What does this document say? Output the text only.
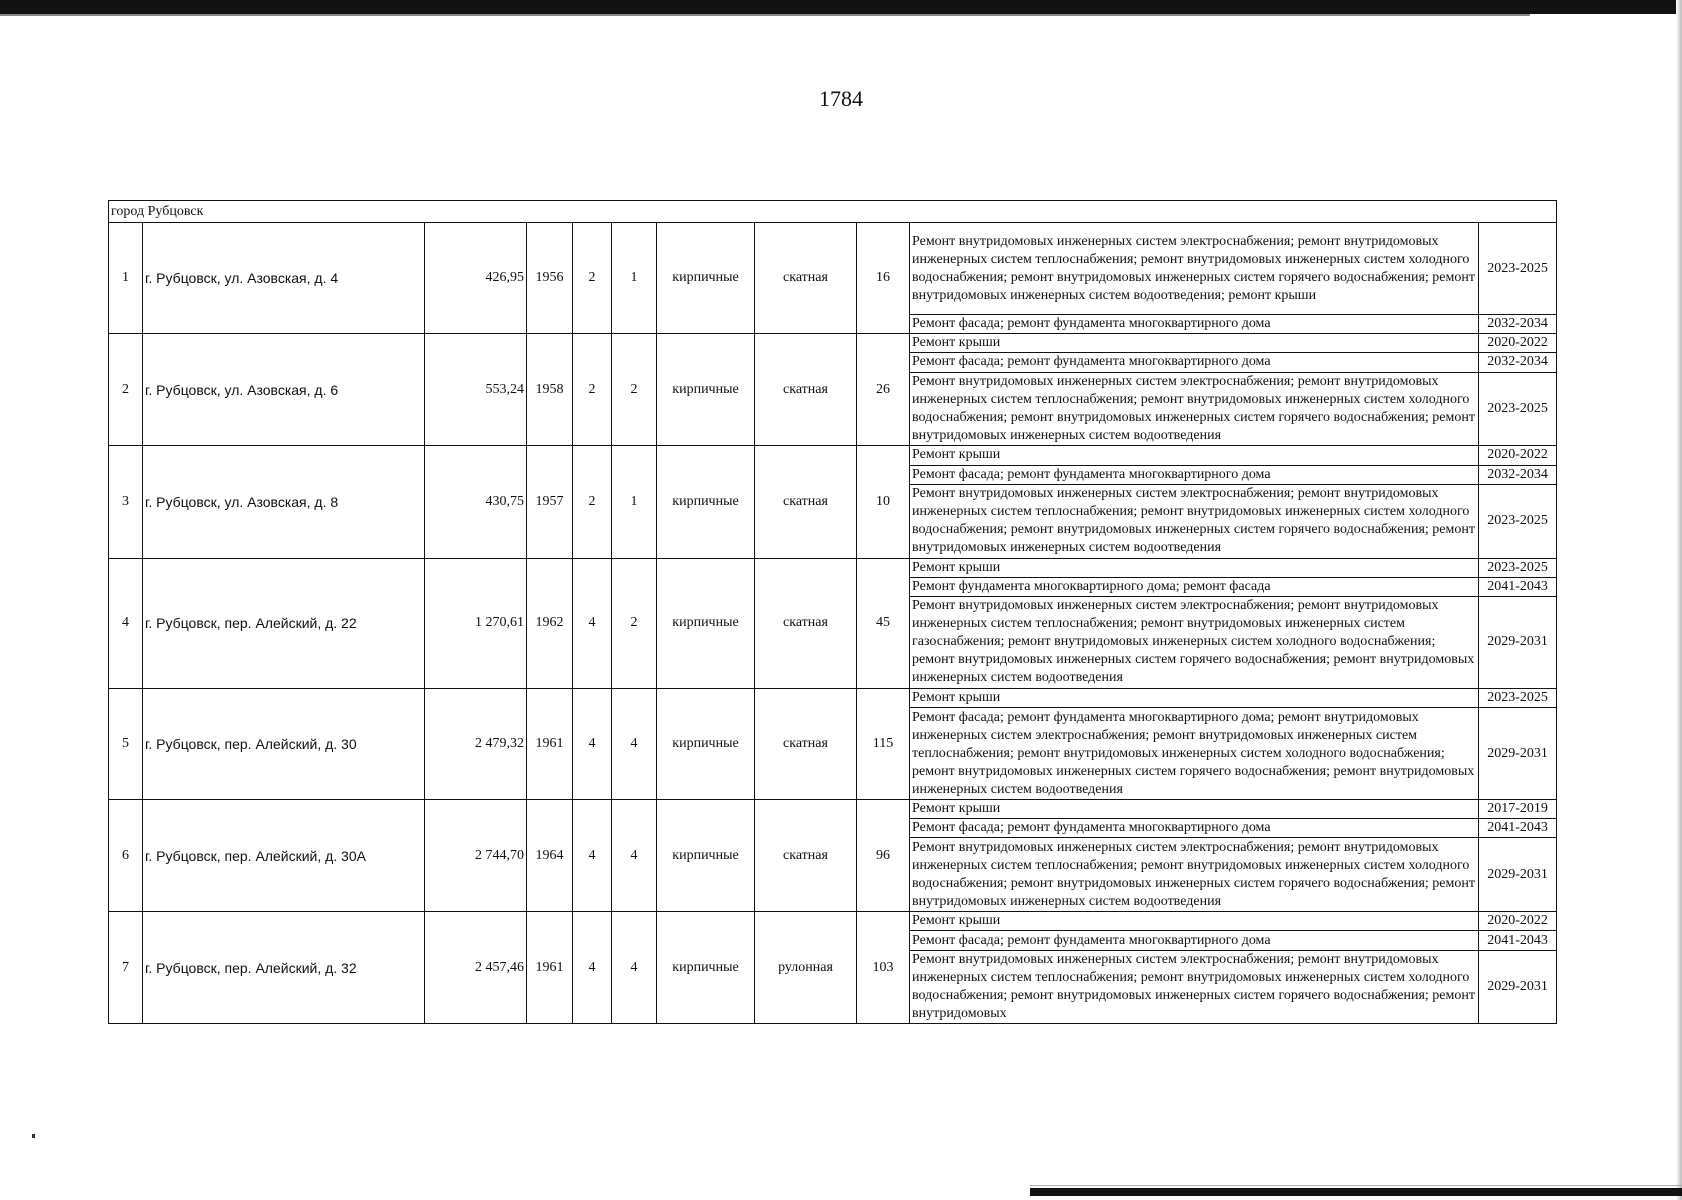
1784
город Рубцовск										
1	г. Рубцовск, ул. Азовская, д. 4	426,95	1956	2	1	кирпичные	скатная	16	Ремонт внутридомовых инженерных систем электроснабжения; ремонт внутридомовых инженерных систем теплоснабжения; ремонт внутридомовых инженерных систем холодного водоснабжения; ремонт внутридомовых инженерных систем горячего водоснабжения; ремонт внутридомовых инженерных систем водоотведения; ремонт крыши	2023-2025
									Ремонт фасада; ремонт фундамента многоквартирного дома	2032-2034
2	г. Рубцовск, ул. Азовская, д. 6	553,24	1958	2	2	кирпичные	скатная	26	Ремонт крыши	2020-2022
									Ремонт фасада; ремонт фундамента многоквартирного дома	2032-2034
									Ремонт внутридомовых инженерных систем электроснабжения; ремонт внутридомовых инженерных систем теплоснабжения; ремонт внутридомовых инженерных систем холодного водоснабжения; ремонт внутридомовых инженерных систем горячего водоснабжения; ремонт внутридомовых инженерных систем водоотведения	2023-2025
3	г. Рубцовск, ул. Азовская, д. 8	430,75	1957	2	1	кирпичные	скатная	10	Ремонт крыши	2020-2022
									Ремонт фасада; ремонт фундамента многоквартирного дома	2032-2034
									Ремонт внутридомовых инженерных систем электроснабжения; ремонт внутридомовых инженерных систем теплоснабжения; ремонт внутридомовых инженерных систем холодного водоснабжения; ремонт внутридомовых инженерных систем горячего водоснабжения; ремонт внутридомовых инженерных систем водоотведения	2023-2025
4	г. Рубцовск, пер. Алейский, д. 22	1 270,61	1962	4	2	кирпичные	скатная	45	Ремонт крыши	2023-2025
									Ремонт фундамента многоквартирного дома; ремонт фасада	2041-2043
									Ремонт внутридомовых инженерных систем электроснабжения; ремонт внутридомовых инженерных систем теплоснабжения; ремонт внутридомовых инженерных систем газоснабжения; ремонт внутридомовых инженерных систем холодного водоснабжения; ремонт внутридомовых инженерных систем горячего водоснабжения; ремонт внутридомовых инженерных систем водоотведения	2029-2031
5	г. Рубцовск, пер. Алейский, д. 30	2 479,32	1961	4	4	кирпичные	скатная	115	Ремонт крыши	2023-2025
									Ремонт фасада; ремонт фундамента многоквартирного дома; ремонт внутридомовых инженерных систем электроснабжения; ремонт внутридомовых инженерных систем теплоснабжения; ремонт внутридомовых инженерных систем холодного водоснабжения; ремонт внутридомовых инженерных систем горячего водоснабжения; ремонт внутридомовых инженерных систем водоотведения	2029-2031
6	г. Рубцовск, пер. Алейский, д. 30А	2 744,70	1964	4	4	кирпичные	скатная	96	Ремонт крыши	2017-2019
									Ремонт фасада; ремонт фундамента многоквартирного дома	2041-2043
									Ремонт внутридомовых инженерных систем электроснабжения; ремонт внутридомовых инженерных систем теплоснабжения; ремонт внутридомовых инженерных систем холодного водоснабжения; ремонт внутридомовых инженерных систем горячего водоснабжения; ремонт внутридомовых инженерных систем водоотведения	2029-2031
7	г. Рубцовск, пер. Алейский, д. 32	2 457,46	1961	4	4	кирпичные	рулонная	103	Ремонт крыши	2020-2022
									Ремонт фасада; ремонт фундамента многоквартирного дома	2041-2043
									Ремонт внутридомовых инженерных систем электроснабжения; ремонт внутридомовых инженерных систем теплоснабжения; ремонт внутридомовых инженерных систем холодного водоснабжения; ремонт внутридомовых инженерных систем горячего водоснабжения; ремонт внутридомовых	2029-2031
